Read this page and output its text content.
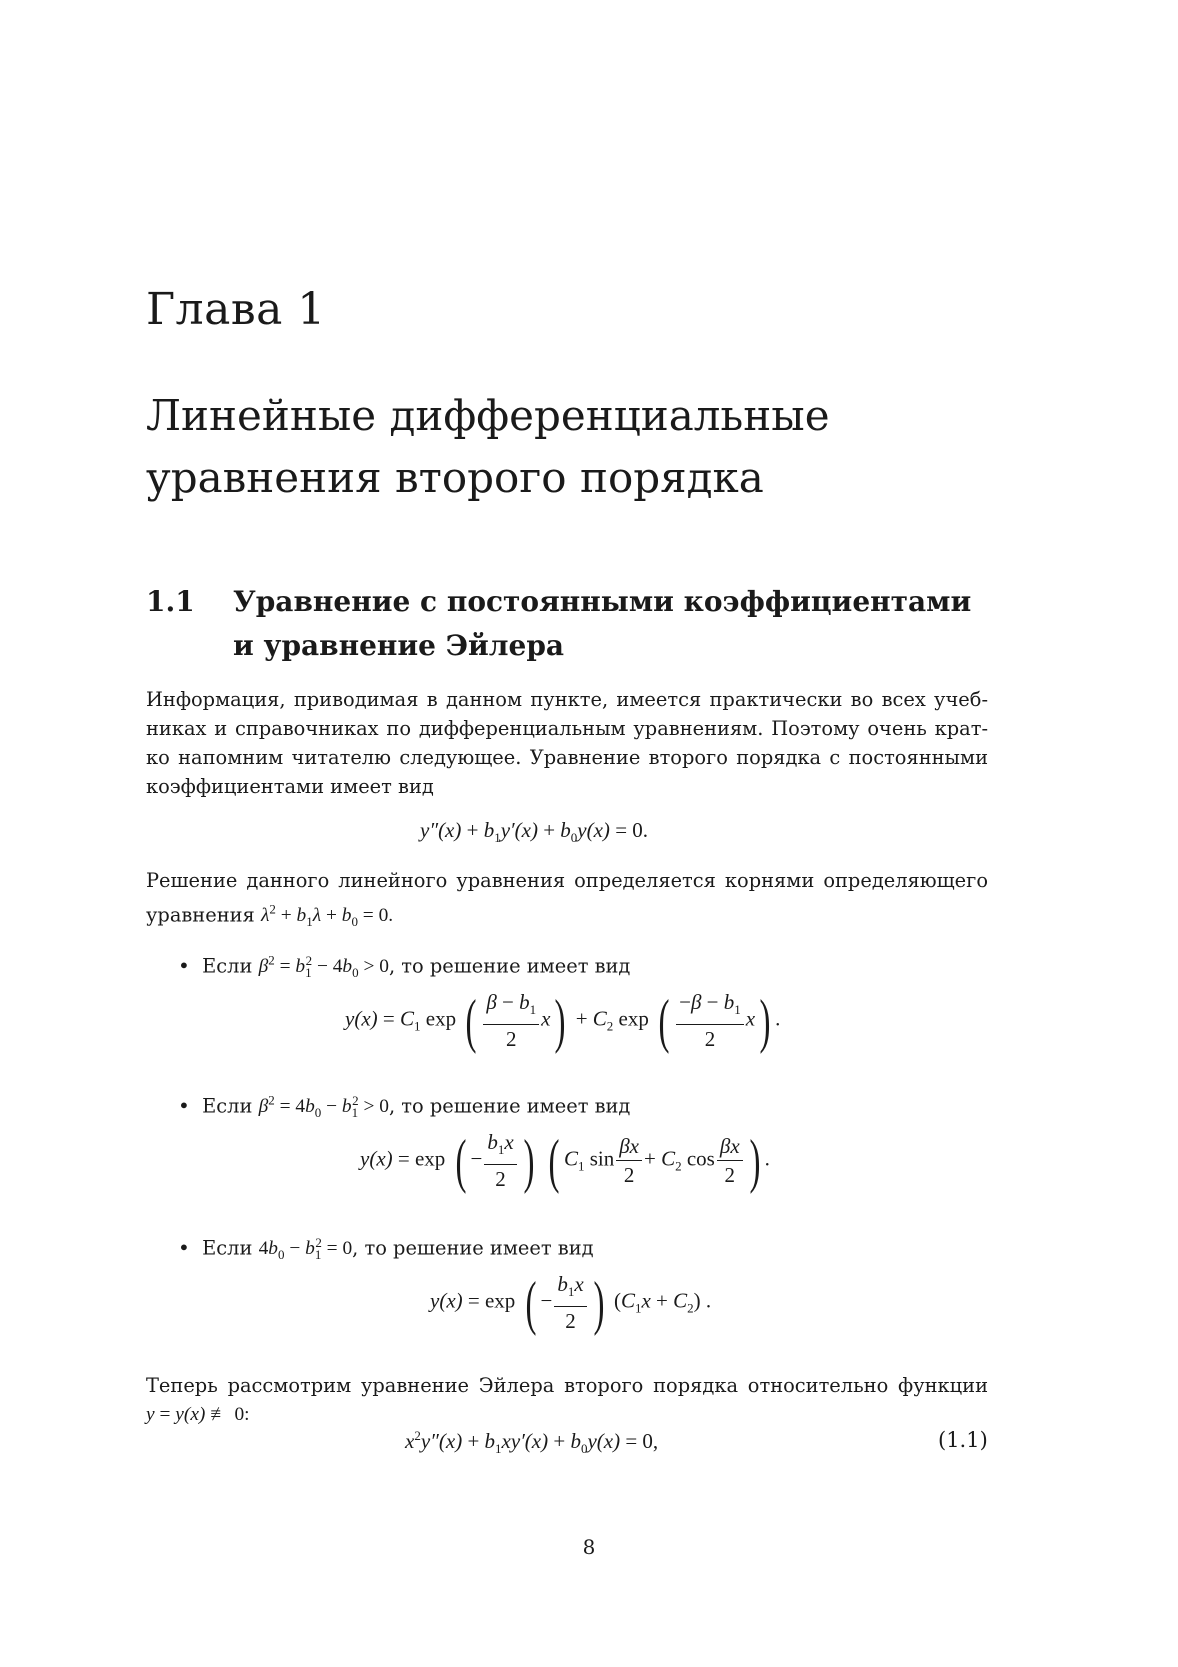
Глава 1
Линейные дифференциальные
уравнения второго порядка
1.1 Уравнение с постоянными коэффициентами
и уравнение Эйлера
Информация, приводимая в данном пункте, имеется практически во всех учеб-
никах и справочниках по дифференциальным уравнениям. Поэтому очень крат-
ко напомним читателю следующее. Уравнение второго порядка с постоянными
коэффициентами имеет вид
$y''(x) + b_1y'(x) + b_0y(x) = 0$.
Решение данного линейного уравнения определяется корнями определяющего
уравнения $\lambda^2 + b_1\lambda + b_0 = 0$.
• Если $\beta^2 = b_1^2 - 4b_0 > 0$, то решение имеет вид
$y(x) = C_1$ exp ( $\frac{\beta - b_1}{2} x) + C_2$ exp ( $\frac{-\beta - b_1}{2} x$) .
• Если $\beta^2 = 4b_0 - b_1^2 > 0$, то решение имеет вид
y(x) = exp ( − $\frac{b_1x}{2}$ ) ( $C_1$ $\sin \frac{\beta x}{2} + C_2$ $\cos \frac{\beta x}{2}$ ) .
• Если $4b_0 - b_1^2 = 0$, то решение имеет вид
y(x) = exp ( − $\frac{b_1x}{2}$ ) $(C_1x + C_2)$ .
Теперь рассмотрим уравнение Эйлера второго порядка относительно функции
y = y(x) ≢ 0:
$x^2y''(x) + b_1xy'(x) + b_0y(x) = 0$,	(1.1)
8
